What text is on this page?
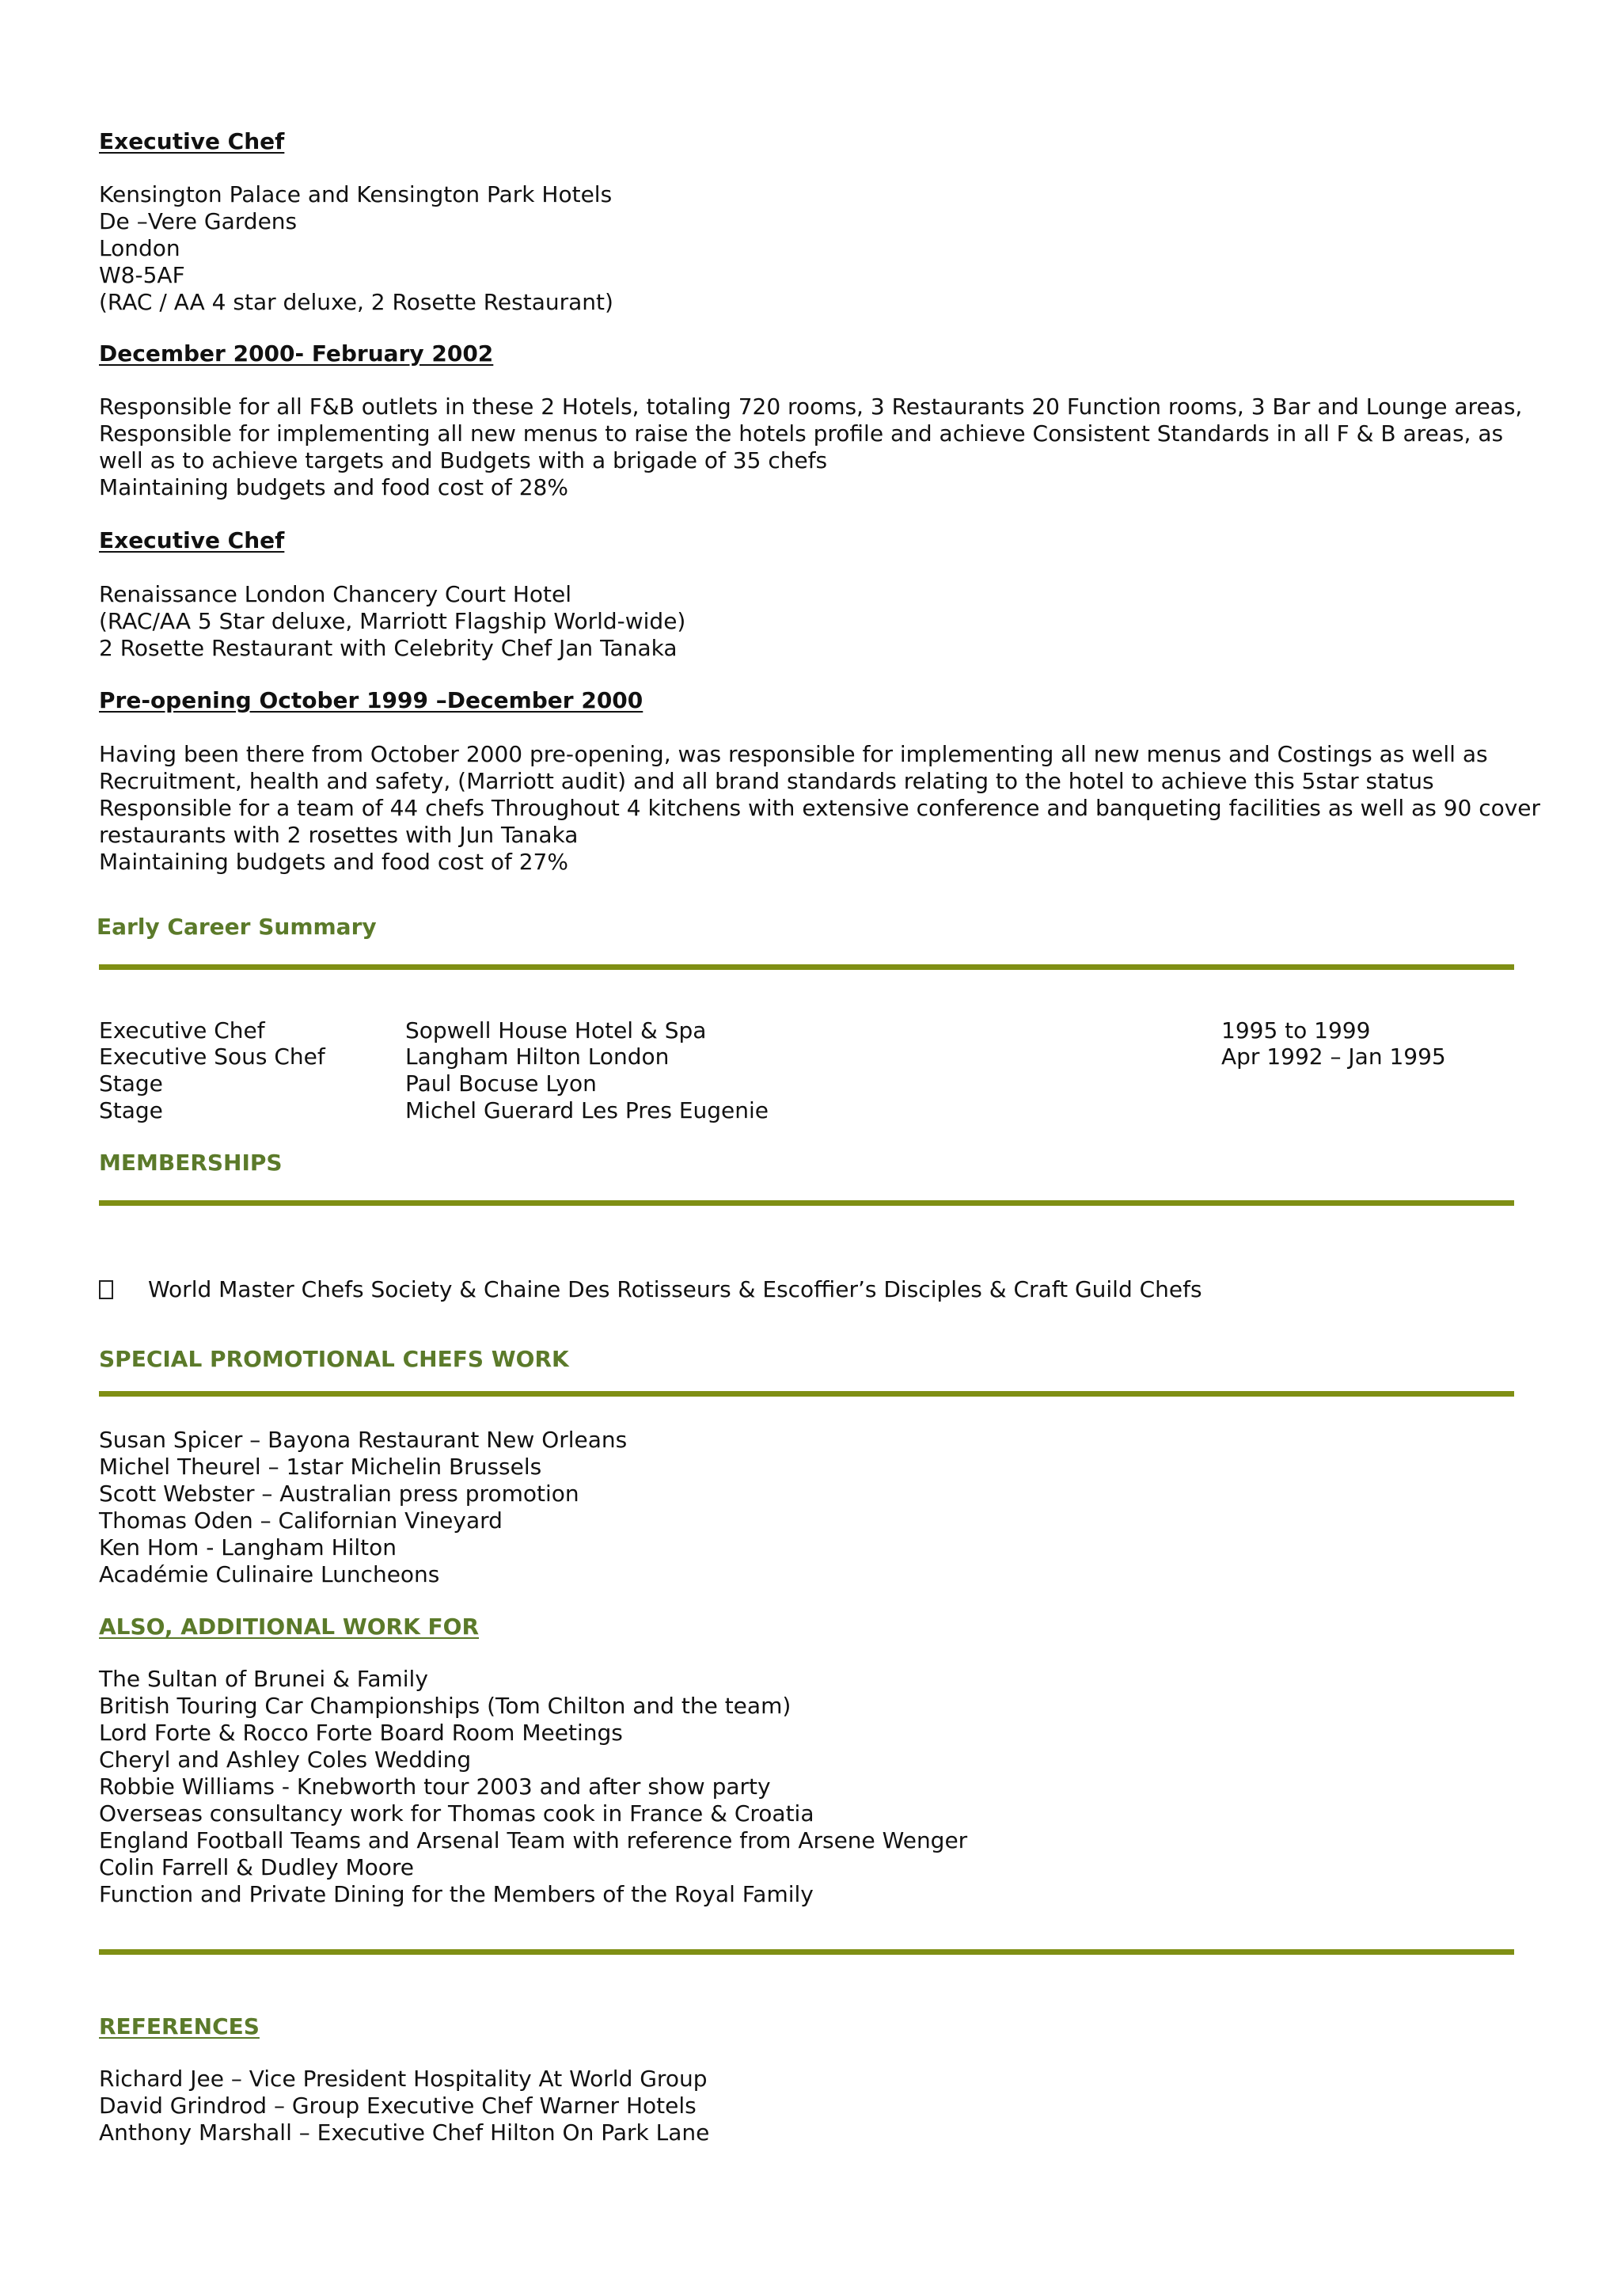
Executive Chef
Kensington Palace and Kensington Park Hotels
De –Vere Gardens
London
W8-5AF
(RAC / AA 4 star deluxe, 2 Rosette Restaurant)
December 2000- February 2002
Responsible for all F&B outlets in these 2 Hotels, totaling 720 rooms, 3 Restaurants 20 Function rooms, 3 Bar and Lounge areas,
Responsible for implementing all new menus to raise the hotels profile and achieve Consistent Standards in all F & B areas, as
well as to achieve targets and Budgets with a brigade of 35 chefs
Maintaining budgets and food cost of 28%
Executive Chef
Renaissance London Chancery Court Hotel
(RAC/AA 5 Star deluxe, Marriott Flagship World-wide)
2 Rosette Restaurant with Celebrity Chef Jan Tanaka
Pre-opening October 1999 –December 2000
Having been there from October 2000 pre-opening, was responsible for implementing all new menus and Costings as well as
Recruitment, health and safety, (Marriott audit) and all brand standards relating to the hotel to achieve this 5star status
Responsible for a team of 44 chefs Throughout 4 kitchens with extensive conference and banqueting facilities as well as 90 cover
restaurants with 2 rosettes with Jun Tanaka
Maintaining budgets and food cost of 27%
Early Career Summary
Executive Chef	Sopwell House Hotel & Spa	1995 to 1999
Executive Sous Chef	Langham Hilton London	Apr 1992 – Jan 1995
Stage	Paul Bocuse Lyon
Stage	Michel Guerard Les Pres Eugenie
MEMBERSHIPS
World Master Chefs Society & Chaine Des Rotisseurs & Escoffier’s Disciples & Craft Guild Chefs
SPECIAL PROMOTIONAL CHEFS WORK
Susan Spicer – Bayona Restaurant New Orleans
Michel Theurel – 1star Michelin Brussels
Scott Webster – Australian press promotion
Thomas Oden – Californian Vineyard
Ken Hom - Langham Hilton
Académie Culinaire Luncheons
ALSO, ADDITIONAL WORK FOR
The Sultan of Brunei & Family
British Touring Car Championships (Tom Chilton and the team)
Lord Forte & Rocco Forte Board Room Meetings
Cheryl and Ashley Coles Wedding
Robbie Williams - Knebworth tour 2003 and after show party
Overseas consultancy work for Thomas cook in France & Croatia
England Football Teams and Arsenal Team with reference from Arsene Wenger
Colin Farrell & Dudley Moore
Function and Private Dining for the Members of the Royal Family
REFERENCES
Richard Jee – Vice President Hospitality At World Group
David Grindrod – Group Executive Chef Warner Hotels
Anthony Marshall – Executive Chef Hilton On Park Lane
